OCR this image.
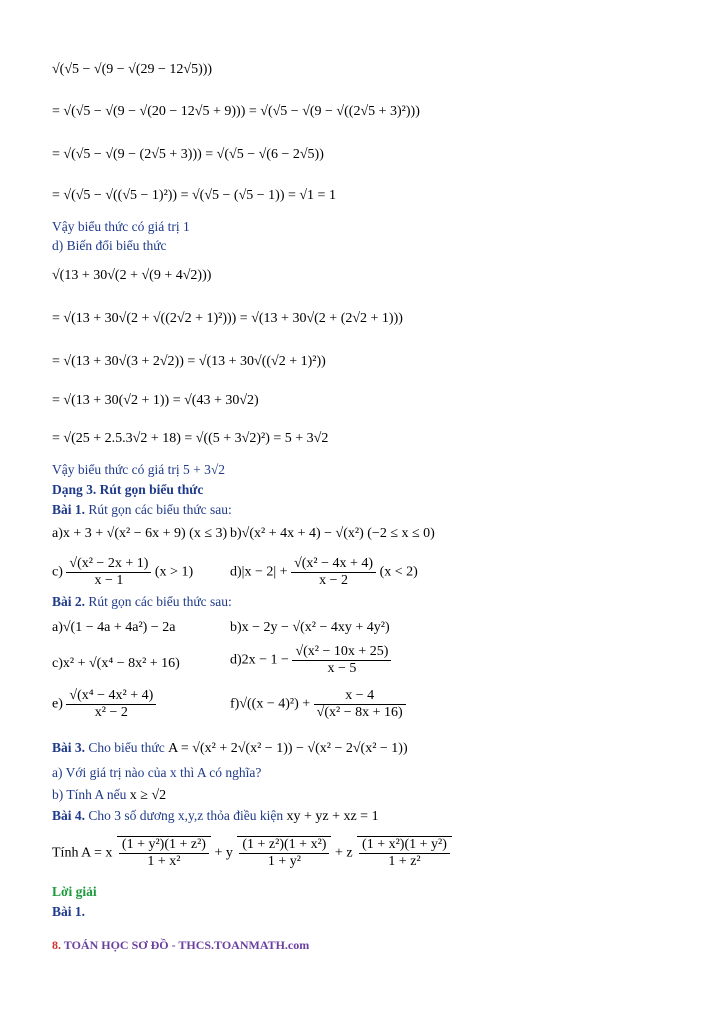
√(√5 − √(9 − √(29 − 12√5)))
= √(√5 − √(9 − √(20 − 12√5 + 9))) = √(√5 − √(9 − √((2√5 + 3)²)))
= √(√5 − √(9 − (2√5 + 3))) = √(√5 − √(6 − 2√5))
= √(√5 − √((√5 − 1)²)) = √(√5 − (√5 − 1)) = √1 = 1
Vậy biểu thức có giá trị 1
d) Biến đổi biểu thức
√(13 + 30√(2 + √(9 + 4√2)))
= √(13 + 30√(2 + √((2√2 + 1)²))) = √(13 + 30√(2 + (2√2 + 1)))
= √(13 + 30√(3 + 2√2)) = √(13 + 30√((√2 + 1)²))
= √(13 + 30(√2 + 1)) = √(43 + 30√2)
= √(25 + 2.5.3√2 + 18) = √((5 + 3√2)²) = 5 + 3√2
Vậy biểu thức có giá trị 5 + 3√2
Dạng 3. Rút gọn biểu thức
Bài 1. Rút gọn các biểu thức sau:
a)x + 3 + √(x² − 6x + 9) (x ≤ 3) b)√(x² + 4x + 4) − √(x²) (−2 ≤ x ≤ 0)
$c) \frac{\text{√(x² − 2x + 1)}}{x - 1} (x > 1)$	$d)|x - 2| + \frac{\text{√(x² − 4x + 4)}}{x - 2} (x < 2)$
Bài 2. Rút gọn các biểu thức sau:
a)√(1 − 4a + 4a²) − 2a	b)x − 2y − √(x² − 4xy + 4y²)
c)x² + √(x⁴ − 8x² + 16)	$d)2x - 1 - \frac{\text{√(x² − 10x + 25)}}{x - 5}$
$e) \frac{\text{√(x⁴ − 4x² + 4)}}{\text{x² − 2}}$	$f)√((x - 4)^2) + \frac{x - 4}{\text{√(x² − 8x + 16)}}$
Bài 3. Cho biểu thức A = √(x² + 2√(x² − 1)) − √(x² − 2√(x² − 1))
a) Với giá trị nào của x thì A có nghĩa?
b) Tính A nếu x ≥ √2
Bài 4. Cho 3 số dương x,y,z thỏa điều kiện xy + yz + xz = 1
Tính A = x $\frac{\text{(1 + y²)(1 + z²)}}{\text{1 + x²}} + y \frac{\text{(1 + z²)(1 + x²)}}{\text{1 + y²}} + z \frac{\text{(1 + x²)(1 + y²)}}{\text{1 + z²}}$
Lời giải
Bài 1.
8. TOÁN HỌC SƠ ĐỒ - THCS.TOANMATH.com
